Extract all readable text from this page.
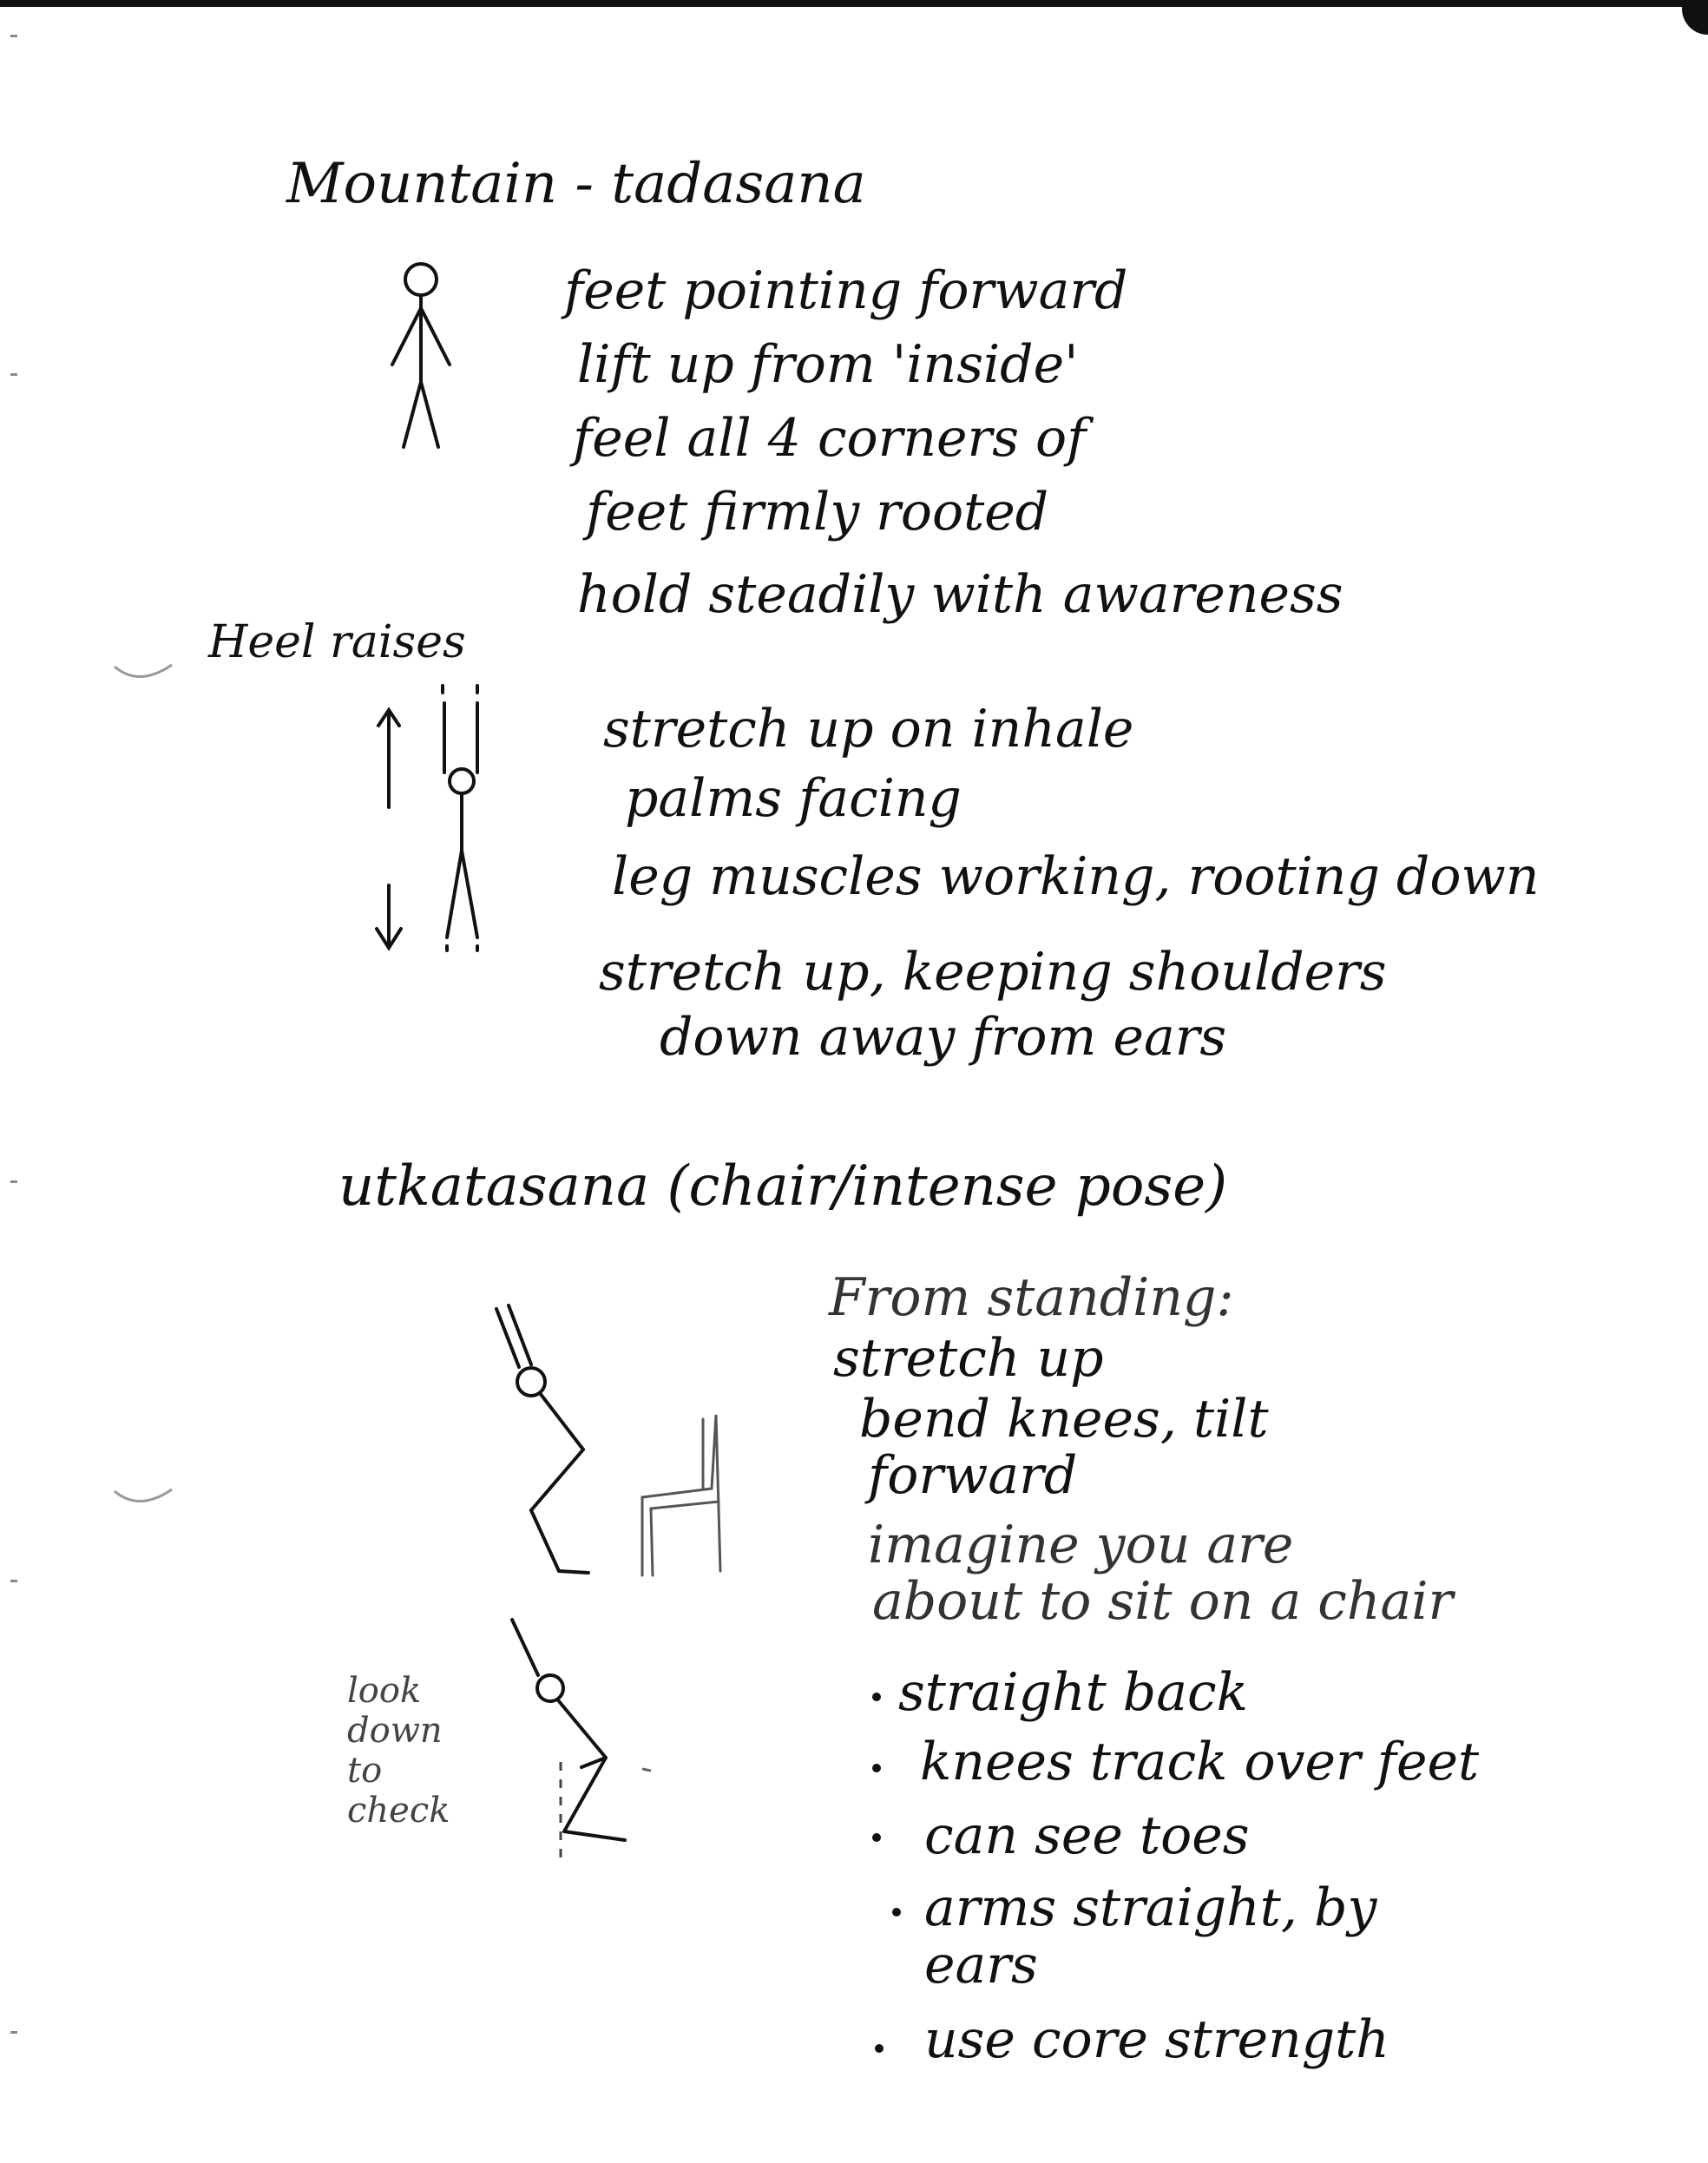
Mountain - tadasana
feet pointing forward
lift up from 'inside'
feel all 4 corners of
feet firmly rooted
hold steadily with awareness
Heel raises
stretch up on inhale
palms facing
leg muscles working, rooting down
stretch up, keeping shoulders
down away from ears
utkatasana (chair/intense pose)
look down to check
From standing:
stretch up
bend knees, tilt
forward
imagine you are
about to sit on a chair
straight back
knees track over feet
can see toes
arms straight, by ears
use core strength
